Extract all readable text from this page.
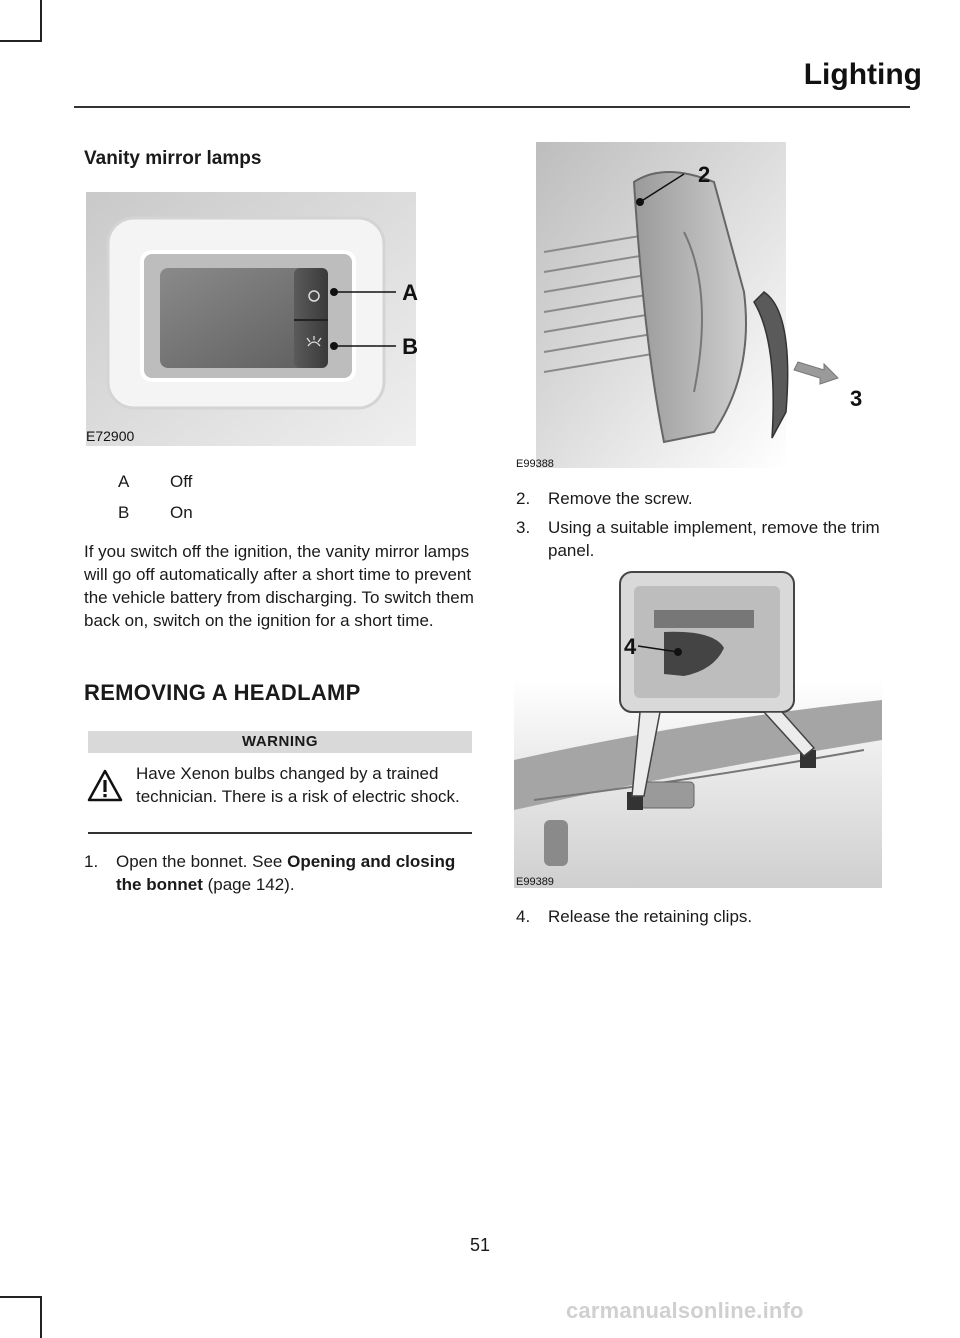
Lighting
Vanity mirror lamps
A
B
E72900
A Off
B On

If you switch off the ignition, the vanity mirror lamps will go off automatically after a short time to prevent the vehicle battery from discharging. To switch them back on, switch on the ignition for a short time.

REMOVING A HEADLAMP
WARNING

Have Xenon bulbs changed by a trained technician. There is a risk of electric shock.

1.	Open the bonnet. See Opening and closing the bonnet (page 142).
2
3
E99388
2.	Remove the screw.
3.	Using a suitable implement, remove the trim panel.
4
E99389
4.	Release the retaining clips.
51
carmanualsonline.info
